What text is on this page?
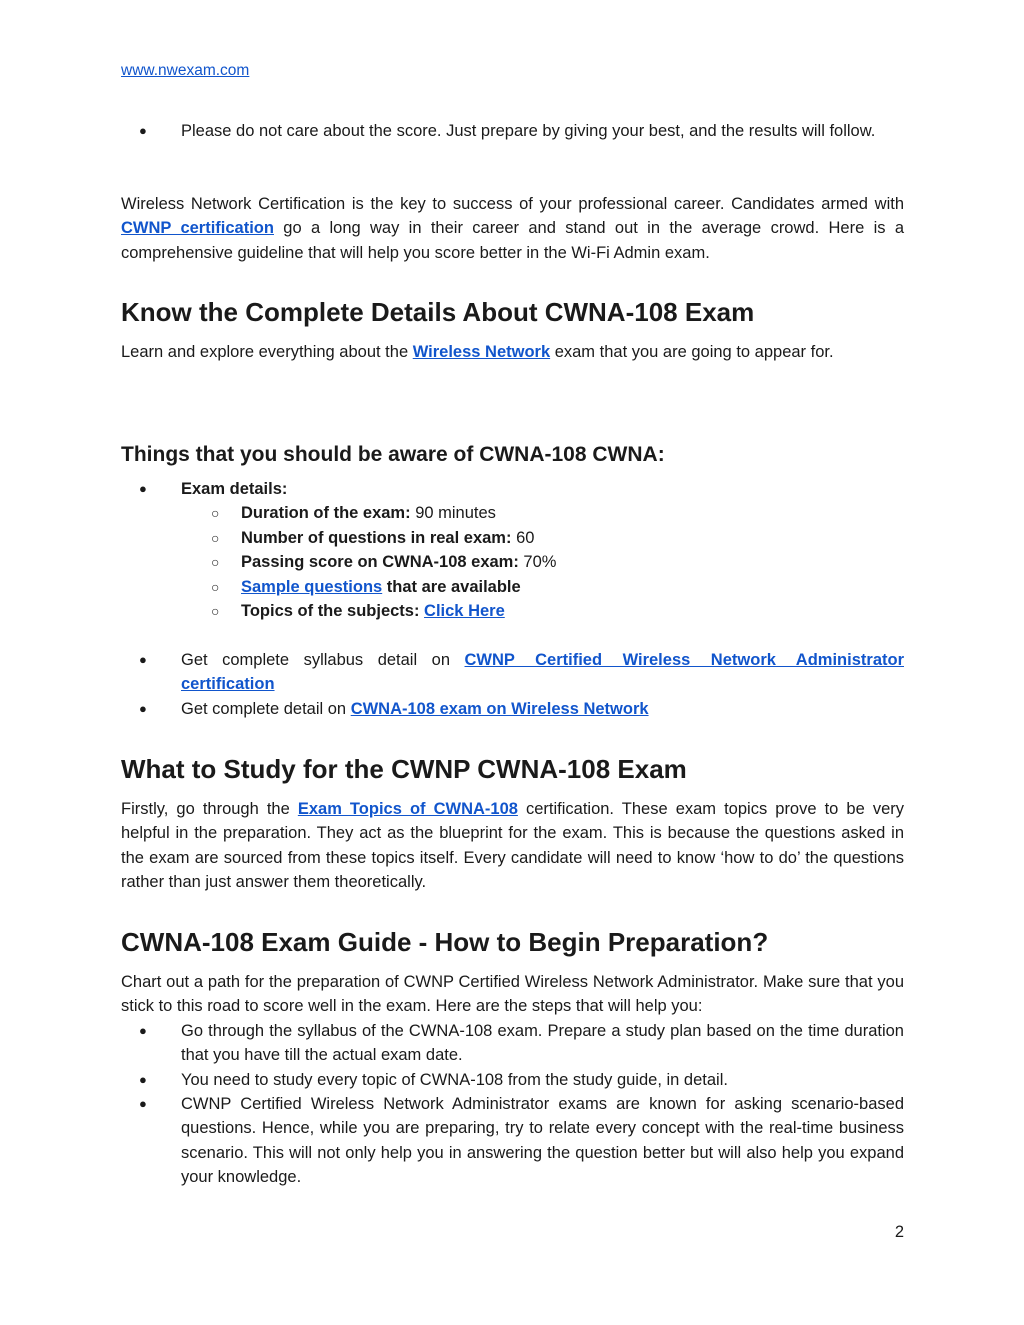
www.nwexam.com
● Please do not care about the score. Just prepare by giving your best, and the results will follow.

Wireless Network Certification is the key to success of your professional career. Candidates armed with CWNP certification go a long way in their career and stand out in the average crowd. Here is a comprehensive guideline that will help you score better in the Wi-Fi Admin exam.

Know the Complete Details About CWNA-108 Exam

Learn and explore everything about the Wireless Network exam that you are going to appear for.

Things that you should be aware of CWNA-108 CWNA:
● Exam details:
○ Duration of the exam: 90 minutes
○ Number of questions in real exam: 60
○ Passing score on CWNA-108 exam: 70%
○ Sample questions that are available
○ Topics of the subjects: Click Here
● Get complete syllabus detail on CWNP Certified Wireless Network Administrator certification
● Get complete detail on CWNA-108 exam on Wireless Network
What to Study for the CWNP CWNA-108 Exam

Firstly, go through the Exam Topics of CWNA-108 certification. These exam topics prove to be very helpful in the preparation. They act as the blueprint for the exam. This is because the questions asked in the exam are sourced from these topics itself. Every candidate will need to know ‘how to do’ the questions rather than just answer them theoretically.

CWNA-108 Exam Guide - How to Begin Preparation?

Chart out a path for the preparation of CWNP Certified Wireless Network Administrator. Make sure that you stick to this road to score well in the exam. Here are the steps that will help you:

● Go through the syllabus of the CWNA-108 exam. Prepare a study plan based on the time duration that you have till the actual exam date.
● You need to study every topic of CWNA-108 from the study guide, in detail.
● CWNP Certified Wireless Network Administrator exams are known for asking scenario-based questions. Hence, while you are preparing, try to relate every concept with the real-time business scenario. This will not only help you in answering the question better but will also help you expand your knowledge.
2
